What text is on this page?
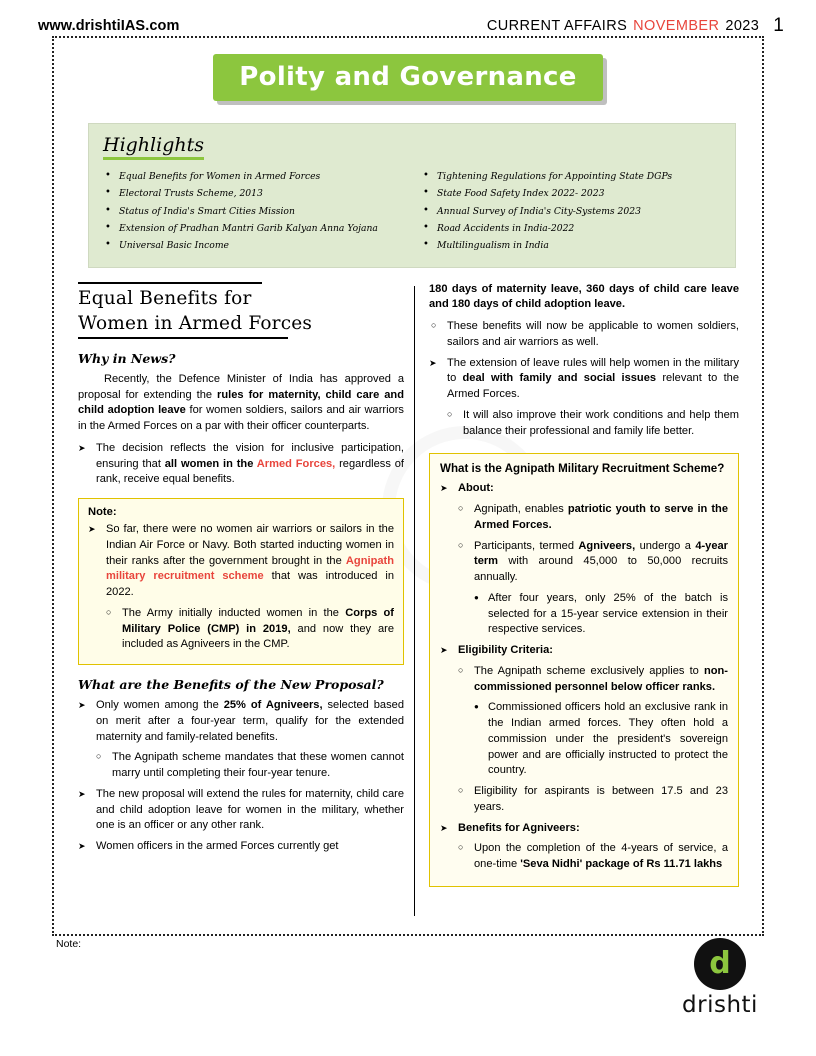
www.drishtiIAS.com	CURRENT AFFAIRS NOVEMBER 2023 1
Polity and Governance
Highlights
• Equal Benefits for Women in Armed Forces
• Electoral Trusts Scheme, 2013
• Status of India's Smart Cities Mission
• Extension of Pradhan Mantri Garib Kalyan Anna Yojana
• Universal Basic Income
• Tightening Regulations for Appointing State DGPs
• State Food Safety Index 2022- 2023
• Annual Survey of India's City-Systems 2023
• Road Accidents in India-2022
• Multilingualism in India
Equal Benefits for
Women in Armed Forces
Why in News?

Recently, the Defence Minister of India has approved a proposal for extending the rules for maternity, child care and child adoption leave for women soldiers, sailors and air warriors in the Armed Forces on a par with their officer counterparts.

➤ The decision reflects the vision for inclusive participation, ensuring that all women in the Armed Forces, regardless of rank, receive equal benefits.
Note:
➤ So far, there were no women air warriors or sailors in the Indian Air Force or Navy. Both started inducting women in their ranks after the government brought in the Agnipath military recruitment scheme that was introduced in 2022.
○ The Army initially inducted women in the Corps of Military Police (CMP) in 2019, and now they are included as Agniveers in the CMP.
What are the Benefits of the New Proposal?
➤ Only women among the 25% of Agniveers, selected based on merit after a four-year term, qualify for the extended maternity and family-related benefits.
○ The Agnipath scheme mandates that these women cannot marry until completing their four-year tenure.
➤ The new proposal will extend the rules for maternity, child care and child adoption leave for women in the military, whether one is an officer or any other rank.
➤ Women officers in the armed Forces currently get

180 days of maternity leave, 360 days of child care leave and 180 days of child adoption leave.

○ These benefits will now be applicable to women soldiers, sailors and air warriors as well.
➤ The extension of leave rules will help women in the military to deal with family and social issues relevant to the Armed Forces.
○ It will also improve their work conditions and help them balance their professional and family life better.
What is the Agnipath Military Recruitment Scheme?
➤ About:
○ Agnipath, enables patriotic youth to serve in the Armed Forces.
○ Participants, termed Agniveers, undergo a 4-year term with around 45,000 to 50,000 recruits annually.
● After four years, only 25% of the batch is selected for a 15-year service extension in their respective services.
➤ Eligibility Criteria:
○ The Agnipath scheme exclusively applies to non-commissioned personnel below officer ranks.
● Commissioned officers hold an exclusive rank in the Indian armed forces. They often hold a commission under the president's sovereign power and are officially instructed to protect the country.
○ Eligibility for aspirants is between 17.5 and 23 years.
➤ Benefits for Agniveers:
○ Upon the completion of the 4-years of service, a one-time 'Seva Nidhi' package of Rs 11.71 lakhs
Note:
d
drishti
